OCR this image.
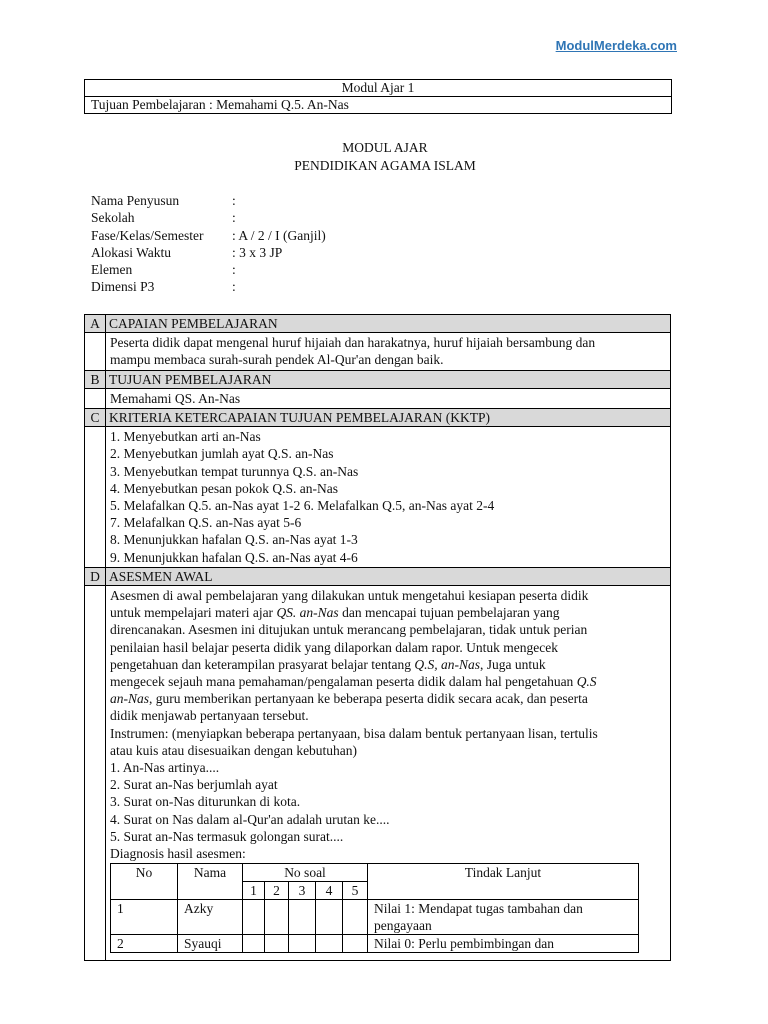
ModulMerdeka.com
Modul Ajar 1
Tujuan Pembelajaran : Memahami Q.5. An-Nas
MODUL AJAR
PENDIDIKAN AGAMA ISLAM
Nama Penyusun	:
Sekolah	:
Fase/Kelas/Semester	: A / 2 / I (Ganjil)
Alokasi Waktu	: 3 x 3 JP
Elemen	:
Dimensi P3	:
A	CAPAIAN PEMBELAJARAN

Peserta didik dapat mengenal huruf hijaiah dan harakatnya, huruf hijaiah bersambung dan
mampu membaca surah-surah pendek Al-Qur'an dengan baik.

B	TUJUAN PEMBELAJARAN

Memahami QS. An-Nas

C	KRITERIA KETERCAPAIAN TUJUAN PEMBELAJARAN (KKTP)

1. Menyebutkan arti an-Nas
2. Menyebutkan jumlah ayat Q.S. an-Nas
3. Menyebutkan tempat turunnya Q.S. an-Nas
4. Menyebutkan pesan pokok Q.S. an-Nas
5. Melafalkan Q.5. an-Nas ayat 1-2 6. Melafalkan Q.5, an-Nas ayat 2-4
7. Melafalkan Q.S. an-Nas ayat 5-6
8. Menunjukkan hafalan Q.S. an-Nas ayat 1-3
9. Menunjukkan hafalan Q.S. an-Nas ayat 4-6

D	ASESMEN AWAL

Asesmen di awal pembelajaran yang dilakukan untuk mengetahui kesiapan peserta didik
untuk mempelajari materi ajar QS. an-Nas dan mencapai tujuan pembelajaran yang
direncanakan. Asesmen ini ditujukan untuk merancang pembelajaran, tidak untuk perian
penilaian hasil belajar peserta didik yang dilaporkan dalam rapor. Untuk mengecek
pengetahuan dan keterampilan prasyarat belajar tentang Q.S, an-Nas, Juga untuk
mengecek sejauh mana pemahaman/pengalaman peserta didik dalam hal pengetahuan Q.S
an-Nas, guru memberikan pertanyaan ke beberapa peserta didik secara acak, dan peserta
didik menjawab pertanyaan tersebut.
Instrumen: (menyiapkan beberapa pertanyaan, bisa dalam bentuk pertanyaan lisan, tertulis
atau kuis atau disesuaikan dengan kebutuhan)
1. An-Nas artinya....
2. Surat an-Nas berjumlah ayat
3. Surat on-Nas diturunkan di kota.
4. Surat on Nas dalam al-Qur'an adalah urutan ke....
5. Surat an-Nas termasuk golongan surat....
Diagnosis hasil asesmen:
No	Nama	No soal	Tindak Lanjut
1	2	3	4	5
1	Azky						Nilai 1: Mendapat tugas tambahan dan
pengayaan

2	Syauqi						Nilai 0: Perlu pembimbingan dan
